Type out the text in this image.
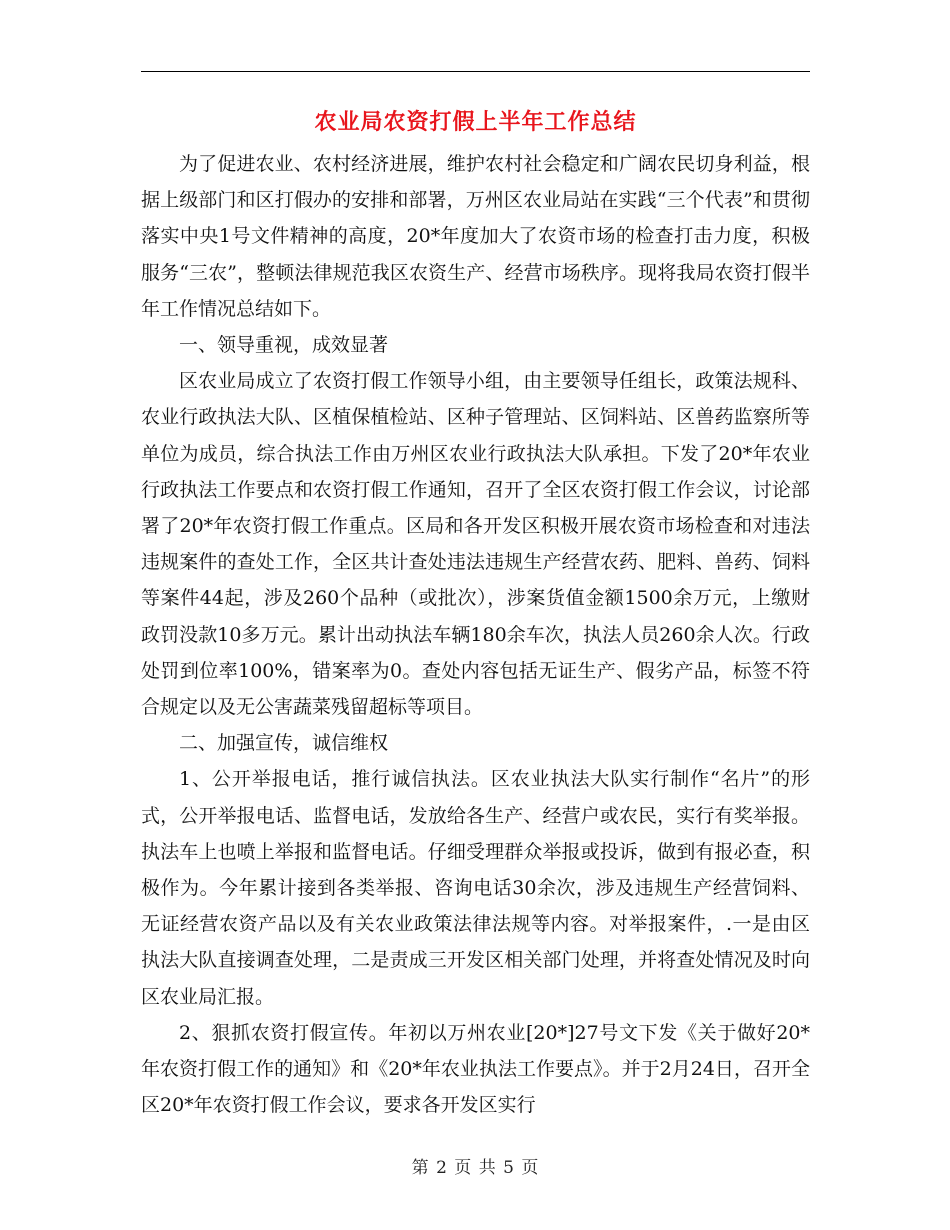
农业局农资打假上半年工作总结

为了促进农业、农村经济进展，维护农村社会稳定和广阔农民切身利益，根据上级部门和区打假办的安排和部署，万州区农业局站在实践“三个代表”和贯彻落实中央1号文件精神的高度，20*年度加大了农资市场的检查打击力度，积极服务“三农”，整顿法律规范我区农资生产、经营市场秩序。现将我局农资打假半年工作情况总结如下。

一、领导重视，成效显著

区农业局成立了农资打假工作领导小组，由主要领导任组长，政策法规科、农业行政执法大队、区植保植检站、区种子管理站、区饲料站、区兽药监察所等单位为成员，综合执法工作由万州区农业行政执法大队承担。下发了20*年农业行政执法工作要点和农资打假工作通知，召开了全区农资打假工作会议，讨论部署了20*年农资打假工作重点。区局和各开发区积极开展农资市场检查和对违法违规案件的查处工作，全区共计查处违法违规生产经营农药、肥料、兽药、饲料等案件44起，涉及260个品种（或批次），涉案货值金额1500余万元，上缴财政罚没款10多万元。累计出动执法车辆180余车次，执法人员260余人次。行政处罚到位率100%，错案率为0。查处内容包括无证生产、假劣产品，标签不符合规定以及无公害蔬菜残留超标等项目。

二、加强宣传，诚信维权

1、公开举报电话，推行诚信执法。区农业执法大队实行制作“名片”的形式，公开举报电话、监督电话，发放给各生产、经营户或农民，实行有奖举报。执法车上也喷上举报和监督电话。仔细受理群众举报或投诉，做到有报必查，积极作为。今年累计接到各类举报、咨询电话30余次，涉及违规生产经营饲料、无证经营农资产品以及有关农业政策法律法规等内容。对举报案件，.一是由区执法大队直接调查处理，二是责成三开发区相关部门处理，并将查处情况及时向区农业局汇报。

2、狠抓农资打假宣传。年初以万州农业[20*]27号文下发《关于做好20*年农资打假工作的通知》和《20*年农业执法工作要点》。并于2月24日，召开全区20*年农资打假工作会议，要求各开发区实行

第 2 页 共 5 页
